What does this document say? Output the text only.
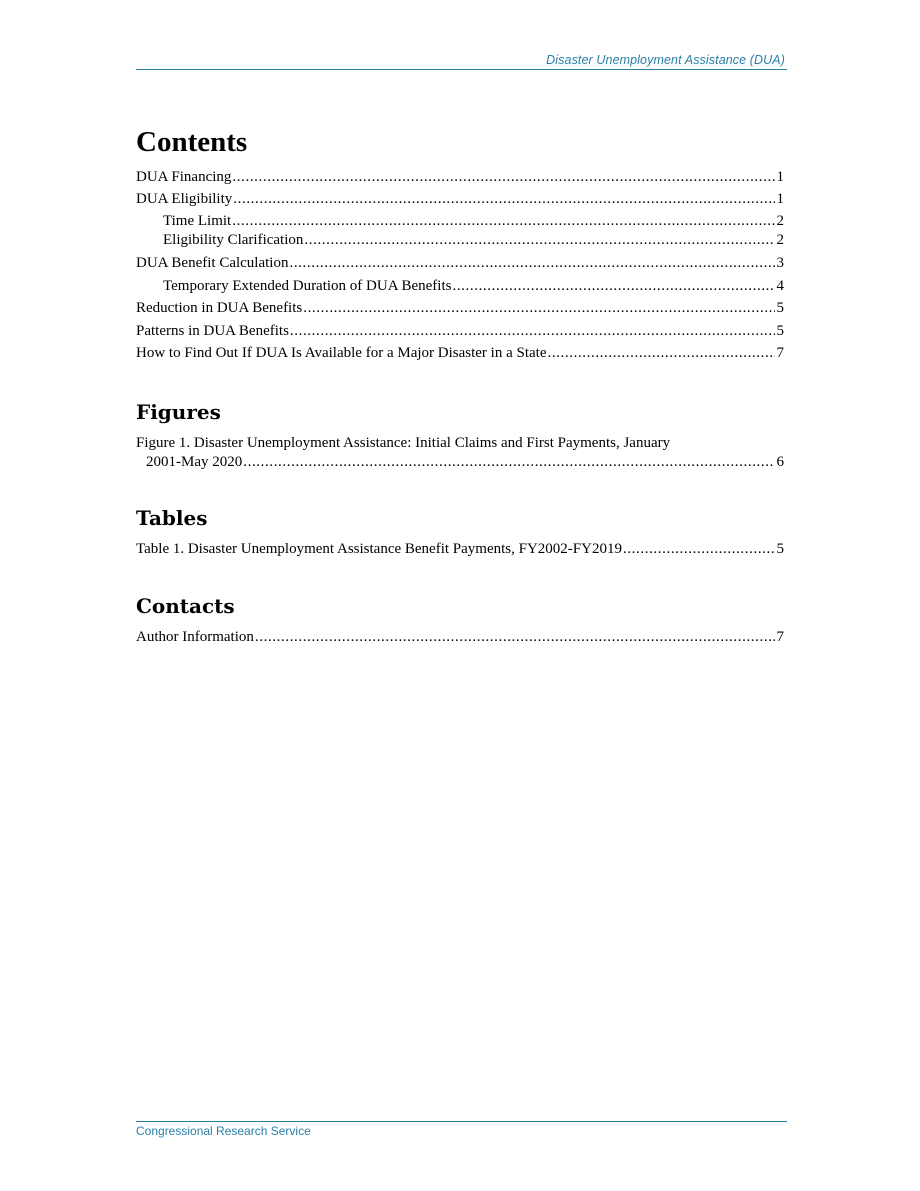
Disaster Unemployment Assistance (DUA)
Contents
DUA Financing .....	1
DUA Eligibility .....	1
Time Limit .....	2
Eligibility Clarification .....	2
DUA Benefit Calculation .....	3
Temporary Extended Duration of DUA Benefits .....	4
Reduction in DUA Benefits .....	5
Patterns in DUA Benefits .....	5
How to Find Out If DUA Is Available for a Major Disaster in a State .....	7
Figures
Figure 1. Disaster Unemployment Assistance: Initial Claims and First Payments, January
2001-May 2020 .....	6
Tables
Table 1. Disaster Unemployment Assistance Benefit Payments, FY2002-FY2019 .....	5
Contacts
Author Information .....	7
Congressional Research Service
